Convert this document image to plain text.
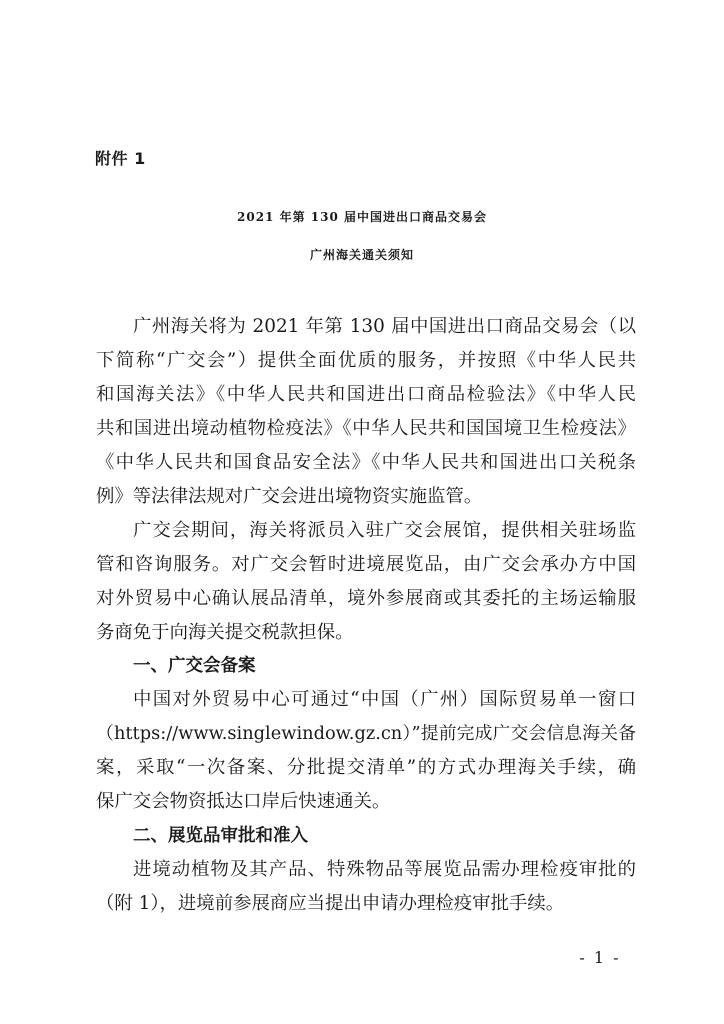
附件 1
2021 年第 130 届中国进出口商品交易会
广州海关通关须知
广州海关将为 2021 年第 130 届中国进出口商品交易会（以
下简称“广交会”）提供全面优质的服务，并按照《中华人民共
和国海关法》《中华人民共和国进出口商品检验法》《中华人民
共和国进出境动植物检疫法》《中华人民共和国国境卫生检疫法》
《中华人民共和国食品安全法》《中华人民共和国进出口关税条
例》等法律法规对广交会进出境物资实施监管。
广交会期间，海关将派员入驻广交会展馆，提供相关驻场监
管和咨询服务。对广交会暂时进境展览品，由广交会承办方中国
对外贸易中心确认展品清单，境外参展商或其委托的主场运输服
务商免于向海关提交税款担保。
一、广交会备案
中国对外贸易中心可通过“中国（广州）国际贸易单一窗口
（https://www.singlewindow.gz.cn）”提前完成广交会信息海关备
案，采取“一次备案、分批提交清单”的方式办理海关手续，确
保广交会物资抵达口岸后快速通关。
二、展览品审批和准入
进境动植物及其产品、特殊物品等展览品需办理检疫审批的
（附 1），进境前参展商应当提出申请办理检疫审批手续。
- 1 -
